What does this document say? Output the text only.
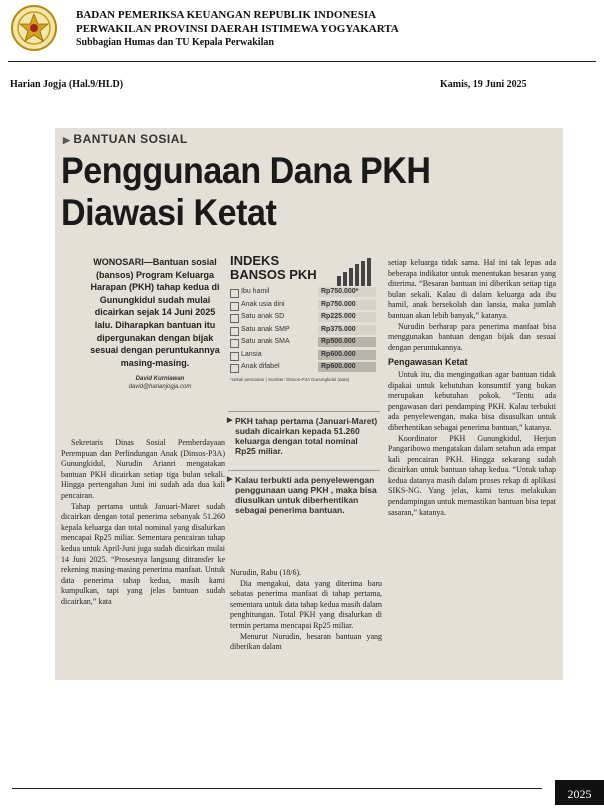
BADAN PEMERIKSA KEUANGAN REPUBLIK INDONESIA
PERWAKILAN PROVINSI DAERAH ISTIMEWA YOGYAKARTA
Subbagian Humas dan TU Kepala Perwakilan
Harian Jogja (Hal.9/HLD)	Kamis, 19 Juni 2025
▶ BANTUAN SOSIAL
Penggunaan Dana PKH
Diawasi Ketat
WONOSARI—Bantuan sosial (bansos) Program Keluarga Harapan (PKH) tahap kedua di Gunungkidul sudah mulai dicairkan sejak 14 Juni 2025 lalu. Diharapkan bantuan itu dipergunakan dengan bijak sesuai dengan peruntukannya masing-masing.
David Kurniawan
david@harianjogja.com

Sekretaris Dinas Sosial Pemberdayaan Perempuan dan Perlindungan Anak (Dinsos-P3A) Gunungkidul, Nurudin Arianri mengatakan bantuan PKH dicairkan setiap tiga bulan sekali. Hingga pertengahan Juni ini sudah ada dua kali pencairan.

Tahap pertama untuk Januari-Maret sudah dicairkan dengan total penerima sebanyak 51.260 kepala keluarga dan total nominal yang disalurkan mencapai Rp25 miliar. Sementara pencairan tahap kedua untuk April-Juni juga sudah dicairkan mulai 14 Juni 2025. “Prosesnya langsung ditransfer ke rekening masing-masing penerima manfaat. Untuk data penerima tahap kedua, masih kami kumpulkan, tapi yang jelas bantuan sudah dicairkan,” kata

INDEKS
BANSOS PKH
Ibu hamil	Rp750.000*
Anak usia dini	Rp750.000
Satu anak SD	Rp225.000
Satu anak SMP	Rp375.000
Satu anak SMA	Rp500.000
Lansia	Rp600.000
Anak difabel	Rp600.000
*sekali pencairan | Sumber: Dinsos-P3A Gunungkidul (data)
▶ PKH tahap pertama (Januari-Maret) sudah dicairkan kepada 51.260 keluarga dengan total nominal Rp25 miliar.
▶ Kalau terbukti ada penyelewengan penggunaan uang PKH , maka bisa diusulkan untuk diberhentikan sebagai penerima bantuan.

Nurudin, Rabu (18/6).

Dia mengakui, data yang diterima baru sebatas penerima manfaat di tahap pertama, sementara untuk data tahap kedua masih dalam penghitungan. Total PKH yang disalurkan di termin pertama mencapai Rp25 miliar.

Menurut Nurudin, besaran bantuan yang diberikan dalam

setiap keluarga tidak sama. Hal ini tak lepas ada beberapa indikator untuk menentukan besaran yang diterima. “Besaran bantuan ini diberikan setiap tiga bulan sekali. Kalau di dalam keluarga ada ibu hamil, anak bersekolah dan lansia, maka jumlah bantuan akan lebih banyak,” katanya.

Nurudin berharap para penerima manfaat bisa menggunakan bantuan dengan bijak dan sesuai dengan peruntukannya.

Pengawasan Ketat

Untuk itu, dia mengingatkan agar bantuan tidak dipakai untuk kebutuhan konsumtif yang bukan merupakan kebutuhan pokok. “Tentu ada pengawasan dari pendamping PKH. Kalau terbukti ada penyelewengan, maka bisa disusulkan untuk diberhentikan sebagai penerima bantuan,” katanya.

Koordinator PKH Gunungkidul, Herjun Pangaribowo mengatakan dalam setahun ada empat kali pencairan PKH. Hingga sekarang sudah dicairkan untuk bantuan tahap kedua. “Untuk tahap kedua datanya masih dalam proses rekap di aplikasi SIKS-NG. Yang jelas, kami terus melakukan pendampingan untuk memastikan bantuan bisa tepat sasaran,” katanya.

2025
